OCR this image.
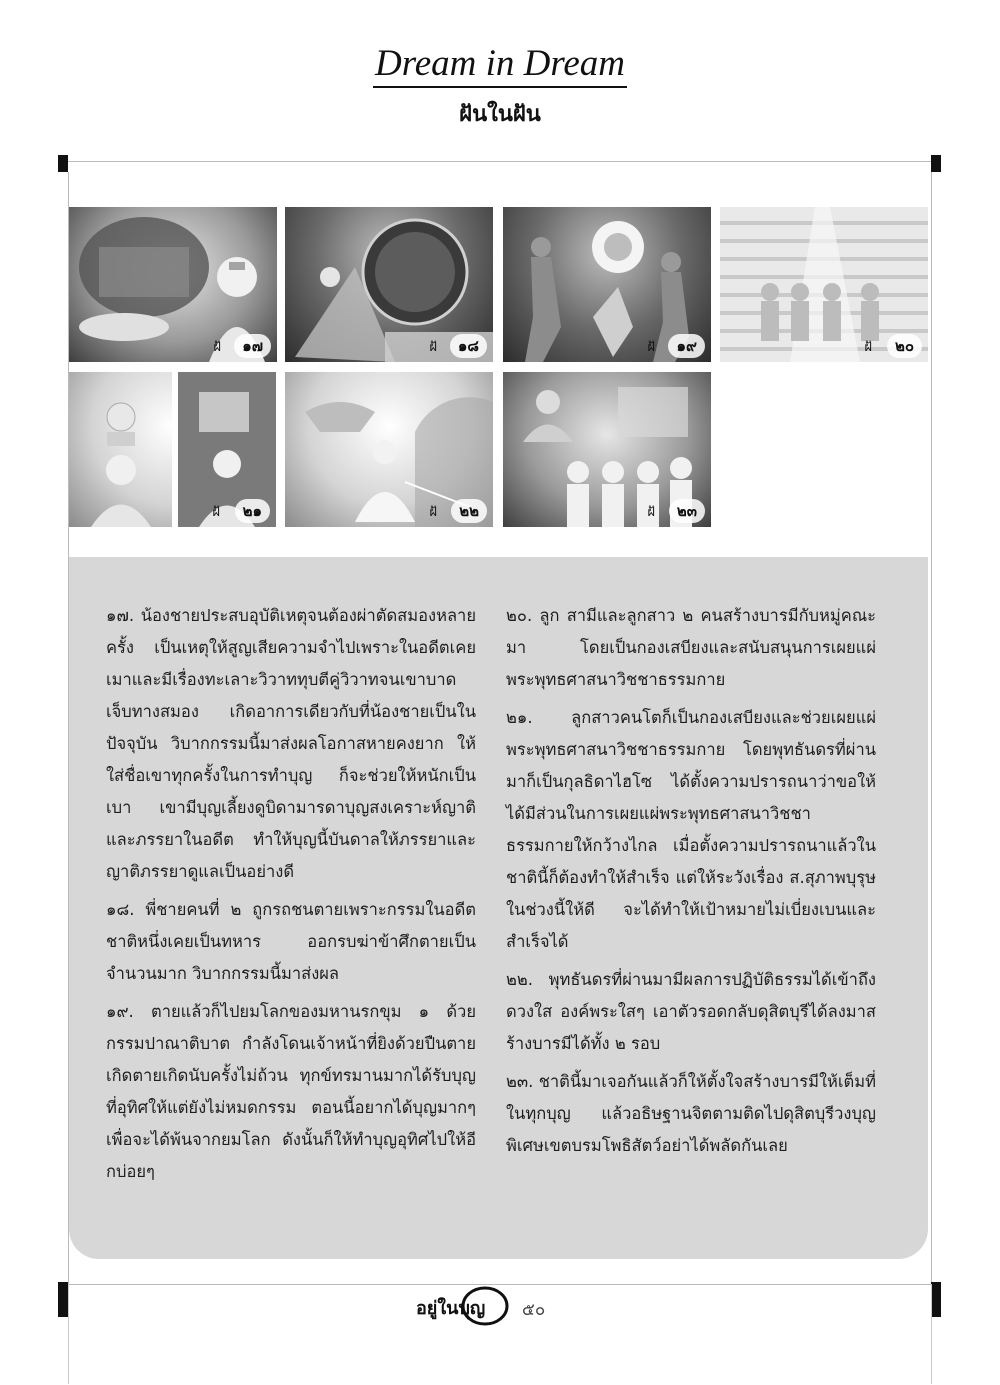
Dream in Dream
ฝันในฝัน
ฝั	๑๗	ฝั	๑๘	ฝั	๑๙	ฝั	๒๐
ฝั	๒๑	ฝั	๒๒	ฝั	๒๓

๑๗. น้องชายประสบอุบัติเหตุจนต้องผ่าตัดสมองหลายครั้ง เป็นเหตุให้สูญเสียความจำไปเพราะในอดีตเคยเมาและมีเรื่องทะเลาะวิวาททุบตีคู่วิวาทจนเขาบาดเจ็บทางสมอง เกิดอาการเดียวกับที่น้องชายเป็นในปัจจุบัน วิบากกรรมนี้มาส่งผลโอกาสหายคงยาก ให้ใส่ชื่อเขาทุกครั้งในการทำบุญ ก็จะช่วยให้หนักเป็นเบา เขามีบุญเลี้ยงดูบิดามารดาบุญสงเคราะห์ญาติและภรรยาในอดีต ทำให้บุญนี้บันดาลให้ภรรยาและญาติภรรยาดูแลเป็นอย่างดี

๑๘. พี่ชายคนที่ ๒ ถูกรถชนตายเพราะกรรมในอดีตชาติหนึ่งเคยเป็นทหาร ออกรบฆ่าข้าศึกตายเป็นจำนวนมาก วิบากกรรมนี้มาส่งผล

๑๙. ตายแล้วก็ไปยมโลกของมหานรกขุม ๑ ด้วยกรรมปาณาติบาต กำลังโดนเจ้าหน้าที่ยิงด้วยปืนตายเกิดตายเกิดนับครั้งไม่ถ้วน ทุกข์ทรมานมากได้รับบุญที่อุทิศให้แต่ยังไม่หมดกรรม ตอนนี้อยากได้บุญมากๆ เพื่อจะได้พ้นจากยมโลก ดังนั้นก็ให้ทำบุญอุทิศไปให้อีกบ่อยๆ

๒๐. ลูก สามีและลูกสาว ๒ คนสร้างบารมีกับหมู่คณะมา โดยเป็นกองเสบียงและสนับสนุนการเผยแผ่พระพุทธศาสนาวิชชาธรรมกาย

๒๑. ลูกสาวคนโตก็เป็นกองเสบียงและช่วยเผยแผ่พระพุทธศาสนาวิชชาธรรมกาย โดยพุทธันดรที่ผ่านมาก็เป็นกุลธิดาไฮโซ ได้ตั้งความปรารถนาว่าขอให้ได้มีส่วนในการเผยแผ่พระพุทธศาสนาวิชชาธรรมกายให้กว้างไกล เมื่อตั้งความปรารถนาแล้วในชาตินี้ก็ต้องทำให้สำเร็จ แต่ให้ระวังเรื่อง ส.สุภาพบุรุษในช่วงนี้ให้ดี จะได้ทำให้เป้าหมายไม่เบี่ยงเบนและสำเร็จได้

๒๒. พุทธันดรที่ผ่านมามีผลการปฏิบัติธรรมได้เข้าถึงดวงใส องค์พระใสๆ เอาตัวรอดกลับดุสิตบุรีได้ลงมาสร้างบารมีได้ทั้ง ๒ รอบ

๒๓. ชาตินี้มาเจอกันแล้วก็ให้ตั้งใจสร้างบารมีให้เต็มที่ในทุกบุญ แล้วอธิษฐานจิตตามติดไปดุสิตบุรีวงบุญพิเศษเขตบรมโพธิสัตว์อย่าได้พลัดกันเลย

อยู่ในบุญ ๕๐
